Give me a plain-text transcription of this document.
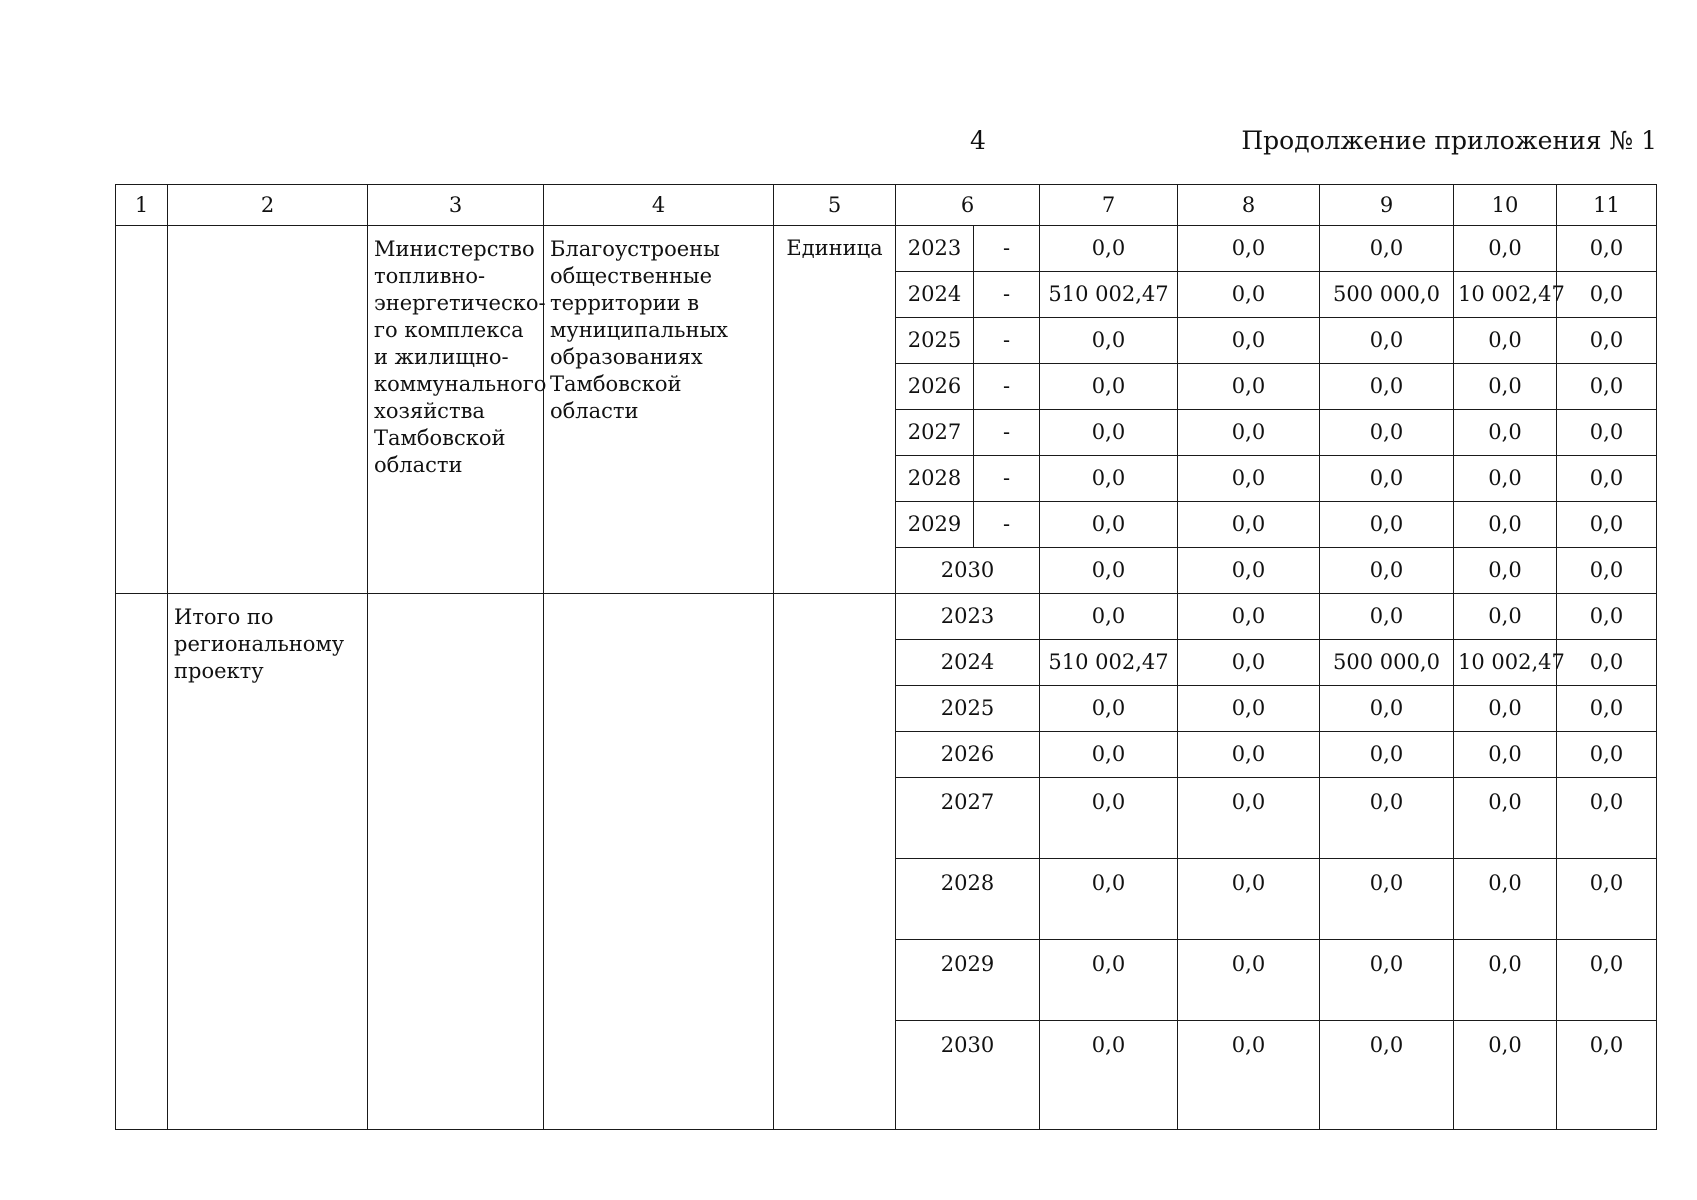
4	Продолжение приложения № 1
1	2	3	4	5	6		7	8	9	10	11
		Министерство топливно-энергетическо-го комплекса и жилищно-коммунального хозяйства Тамбовской области	Благоустроены общественные территории в муниципальных образованиях Тамбовской области	Единица	2023	-	0,0	0,0	0,0	0,0	0,0
					2024	-	510 002,47	0,0	500 000,0	10 002,47	0,0
					2025	-	0,0	0,0	0,0	0,0	0,0
					2026	-	0,0	0,0	0,0	0,0	0,0
					2027	-	0,0	0,0	0,0	0,0	0,0
					2028	-	0,0	0,0	0,0	0,0	0,0
					2029	-	0,0	0,0	0,0	0,0	0,0
					2030		0,0	0,0	0,0	0,0	0,0
	Итого по региональному проекту				2023		0,0	0,0	0,0	0,0	0,0
					2024		510 002,47	0,0	500 000,0	10 002,47	0,0
					2025		0,0	0,0	0,0	0,0	0,0
					2026		0,0	0,0	0,0	0,0	0,0
					2027		0,0	0,0	0,0	0,0	0,0
					2028		0,0	0,0	0,0	0,0	0,0
					2029		0,0	0,0	0,0	0,0	0,0
					2030		0,0	0,0	0,0	0,0	0,0
